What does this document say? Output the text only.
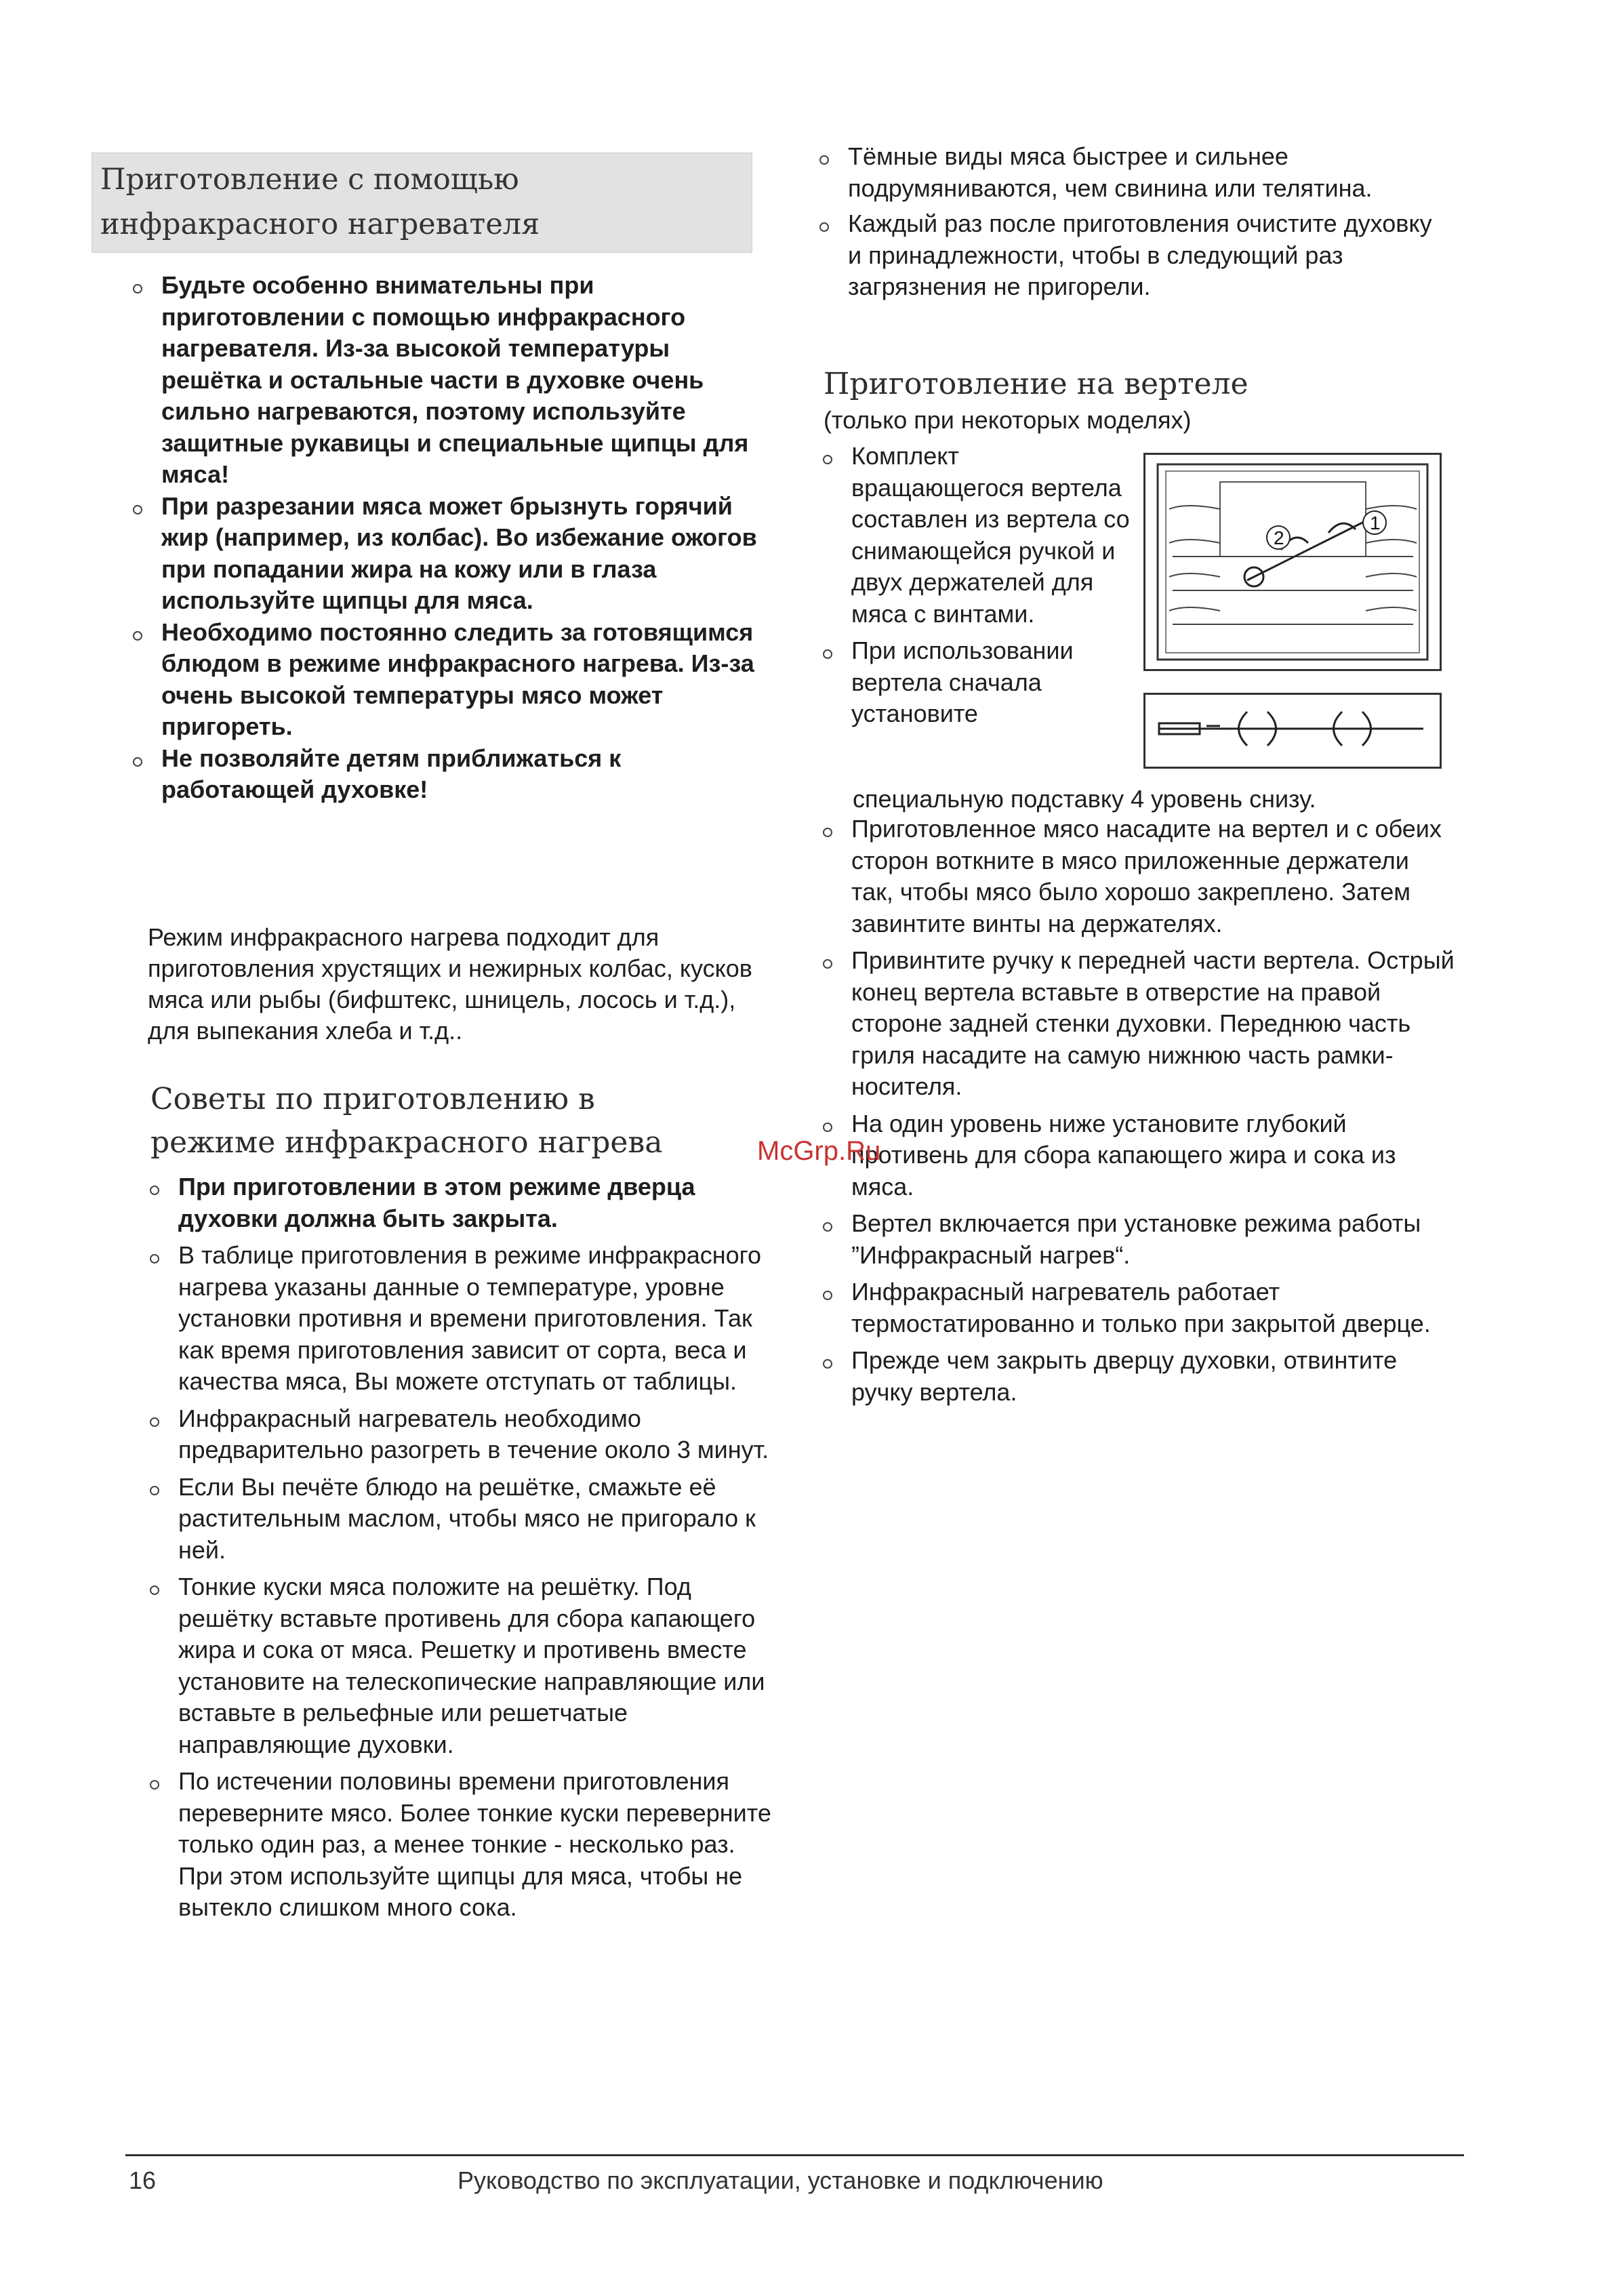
Приготовление с помощью
инфракрасного нагревателя
Будьте особенно внимательны при приготовлении с помощью инфракрасного нагревателя. Из-за высокой температуры решётка и остальные части в духовке очень сильно нагреваются, поэтому используйте защитные рукавицы и специальные щипцы для мяса!
При разрезании мяса может брызнуть горячий жир (например, из колбас). Во избежание ожогов при попадании жира на кожу или в глаза используйте щипцы для мяса.
Необходимо постоянно следить за готовящимся блюдом в режиме инфракрасного нагрева. Из-за очень высокой температуры мясо может пригореть.
Не позволяйте детям приближаться к работающей духовке!

Режим инфракрасного нагрева подходит для приготовления хрустящих и нежирных колбас, кусков мяса или рыбы (бифштекс, шницель, лосось и т.д.), для выпекания хлеба и т.д..

Советы по приготовлению в
режиме инфракрасного нагрева
При приготовлении в этом режиме дверца духовки должна быть закрыта.
В таблице приготовления в режиме инфракрасного нагрева указаны данные о температуре, уровне установки противня и времени приготовления. Так как время приготовления зависит от сорта, веса и качества мяса, Вы можете отступать от таблицы.
Инфракрасный нагреватель необходимо предварительно разогреть в течение около 3 минут.
Если Вы печёте блюдо на решётке, смажьте её растительным маслом, чтобы мясо не пригорало к ней.
Тонкие куски мяса положите на решётку. Под решётку вставьте противень для сбора капающего жира и сока от мяса. Решетку и противень вместе установите на телескопические направляющие или вставьте в рельефные или решетчатые направляющие духовки.
По истечении половины времени приготовления переверните мясо. Более тонкие куски переверните только один раз, а менее тонкие - несколько раз. При этом используйте щипцы для мяса, чтобы не вытекло слишком много сока.
Тёмные виды мяса быстрее и сильнее подрумяниваются, чем свинина или телятина.
Каждый раз после приготовления очистите духовку и принадлежности, чтобы в следующий раз загрязнения не пригорели.
Приготовление на вертеле
(только при некоторых моделях)
Комплект вращающегося вертела составлен из вертела со снимающейся ручкой и двух держателей для мяса с винтами.
При использовании вертела сначала установите
специальную подставку 4 уровень снизу.
2
1
Приготовленное мясо насадите на вертел и с обеих сторон воткните в мясо приложенные держатели так, чтобы мясо было хорошо закреплено. Затем завинтите винты на держателях.
Привинтите ручку к передней части вертела. Острый конец вертела вставьте в отверстие на правой стороне задней стенки духовки. Переднюю часть гриля насадите на самую нижнюю часть рамки-носителя.
На один уровень ниже установите глубокий противень для сбора капающего жира и сока из мяса.
Вертел включается при установке режима работы ”Инфракрасный нагрев“.
Инфракрасный нагреватель работает термостатированно и только при закрытой дверце.
Прежде чем закрыть дверцу духовки, отвинтите ручку вертела.
McGrp.Ru
16	Руководство по эксплуатации, установке и подключению
